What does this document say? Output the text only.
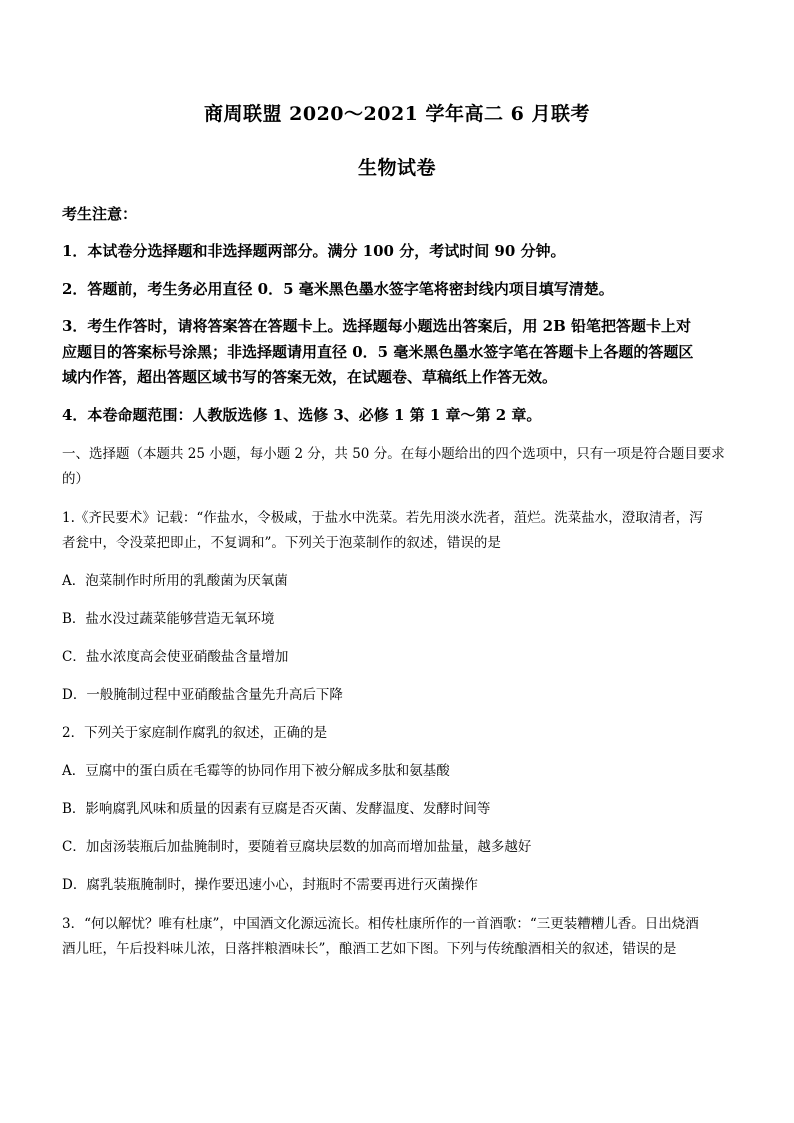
商周联盟 2020～2021 学年高二 6 月联考
生物试卷
考生注意：
1．本试卷分选择题和非选择题两部分。满分 100 分，考试时间 90 分钟。
2．答题前，考生务必用直径 0．5 毫米黑色墨水签字笔将密封线内项目填写清楚。
3．考生作答时，请将答案答在答题卡上。选择题每小题选出答案后，用 2B 铅笔把答题卡上对
应题目的答案标号涂黑；非选择题请用直径 0．5 毫米黑色墨水签字笔在答题卡上各题的答题区
域内作答，超出答题区域书写的答案无效，在试题卷、草稿纸上作答无效。
4．本卷命题范围：人教版选修 1、选修 3、必修 1 第 1 章～第 2 章。
一、选择题（本题共 25 小题，每小题 2 分，共 50 分。在每小题给出的四个选项中，只有一项是符合题目要求
的）
1.《齐民要术》记载：“作盐水，令极咸，于盐水中洗菜。若先用淡水洗者，菹烂。洗菜盐水，澄取清者，泻
者瓮中，令没菜把即止，不复调和”。下列关于泡菜制作的叙述，错误的是
A．泡菜制作时所用的乳酸菌为厌氧菌
B．盐水没过蔬菜能够营造无氧环境
C．盐水浓度高会使亚硝酸盐含量增加
D．一般腌制过程中亚硝酸盐含量先升高后下降
2．下列关于家庭制作腐乳的叙述，正确的是
A．豆腐中的蛋白质在毛霉等的协同作用下被分解成多肽和氨基酸
B．影响腐乳风味和质量的因素有豆腐是否灭菌、发酵温度、发酵时间等
C．加卤汤装瓶后加盐腌制时，要随着豆腐块层数的加高而增加盐量，越多越好
D．腐乳装瓶腌制时，操作要迅速小心，封瓶时不需要再进行灭菌操作
3．“何以解忧？唯有杜康”，中国酒文化源远流长。相传杜康所作的一首酒歌：“三更装糟糟儿香。日出烧酒
酒儿旺，午后投料味儿浓，日落拌粮酒味长”，酿酒工艺如下图。下列与传统酿酒相关的叙述，错误的是
